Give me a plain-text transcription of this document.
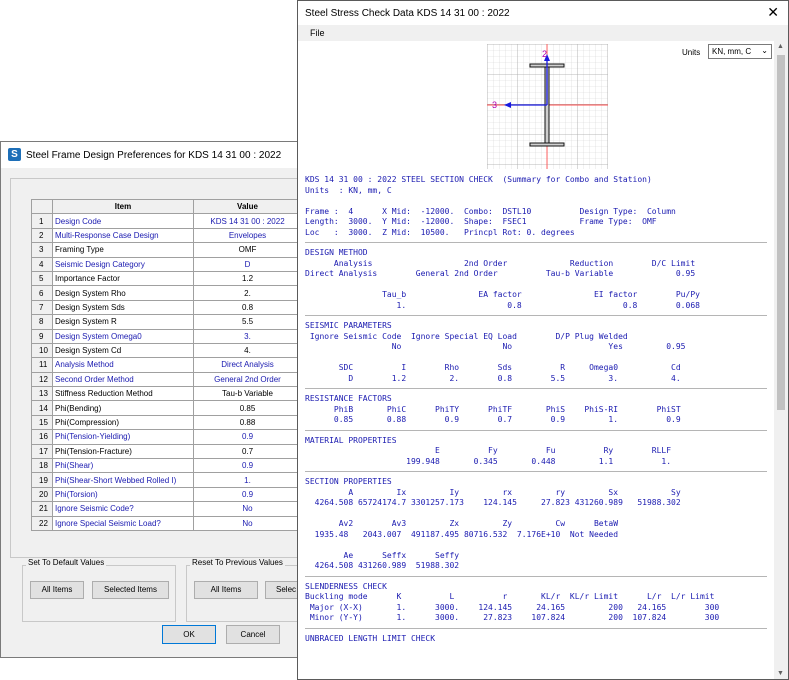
S Steel Frame Design Preferences for KDS 14 31 00 : 2022
	Item	Value
1	Design Code	KDS 14 31 00 : 2022
2	Multi-Response Case Design	Envelopes
3	Framing Type	OMF
4	Seismic Design Category	D
5	Importance Factor	1.2
6	Design System Rho	2.
7	Design System Sds	0.8
8	Design System R	5.5
9	Design System Omega0	3.
10	Design System Cd	4.
11	Analysis Method	Direct Analysis
12	Second Order Method	General 2nd Order
13	Stiffness Reduction Method	Tau-b Variable
14	Phi(Bending)	0.85
15	Phi(Compression)	0.88
16	Phi(Tension-Yielding)	0.9
17	Phi(Tension-Fracture)	0.7
18	Phi(Shear)	0.9
19	Phi(Shear-Short Webbed Rolled I)	1.
20	Phi(Torsion)	0.9
21	Ignore Seismic Code?	No
22	Ignore Special Seismic Load?	No
Set To Default Values
All Items	Selected Items
Reset To Previous Values
All Items	Selec
OK	Cancel
Steel Stress Check Data KDS 14 31 00 : 2022	✕
File
Units	KN, mm, C ⌄
2
3
KDS 14 31 00 : 2022 STEEL SECTION CHECK  (Summary for Combo and Station)
Units  : KN, mm, C

Frame :  4      X Mid:  -12000.  Combo:  DSTL10          Design Type:  Column
Length:  3000.  Y Mid:  -12000.  Shape:  FSEC1           Frame Type:  OMF
Loc   :  3000.  Z Mid:  10500.   Princpl Rot: 0. degrees
DESIGN METHOD
Analysis                   2nd Order             Reduction        D/C Limit
Direct Analysis        General 2nd Order          Tau-b Variable             0.95

Tau_b               EA factor               EI factor        Pu/Py
1.                     0.8                     0.8        0.068
SEISMIC PARAMETERS
Ignore Seismic Code  Ignore Special EQ Load        D/P Plug Welded
No                     No                    Yes         0.95

SDC          I        Rho        Sds          R     Omega0           Cd
D        1.2         2.        0.8        5.5         3.           4.
RESISTANCE FACTORS
PhiB       PhiC      PhiTY      PhiTF       PhiS    PhiS-RI        PhiST
0.85       0.88        0.9        0.7        0.9         1.          0.9
MATERIAL PROPERTIES
E          Fy          Fu          Ry        RLLF
199.948       0.345       0.448         1.1          1.
SECTION PROPERTIES
A         Ix         Iy         rx         ry         Sx           Sy
4264.508 65724174.7 3301257.173    124.145     27.823 431260.989   51988.302

Av2        Av3         Zx         Zy         Cw      BetaW
1935.48   2043.007  491187.495 80716.532  7.176E+10  Not Needed

Ae      Seffx      Seffy
4264.508 431260.989  51988.302
SLENDERNESS CHECK
Buckling mode      K          L          r       KL/r  KL/r Limit      L/r  L/r Limit
Major (X-X)       1.      3000.    124.145     24.165         200   24.165        300
Minor (Y-Y)       1.      3000.     27.823    107.824         200  107.824        300
UNBRACED LENGTH LIMIT CHECK
▲
▼
